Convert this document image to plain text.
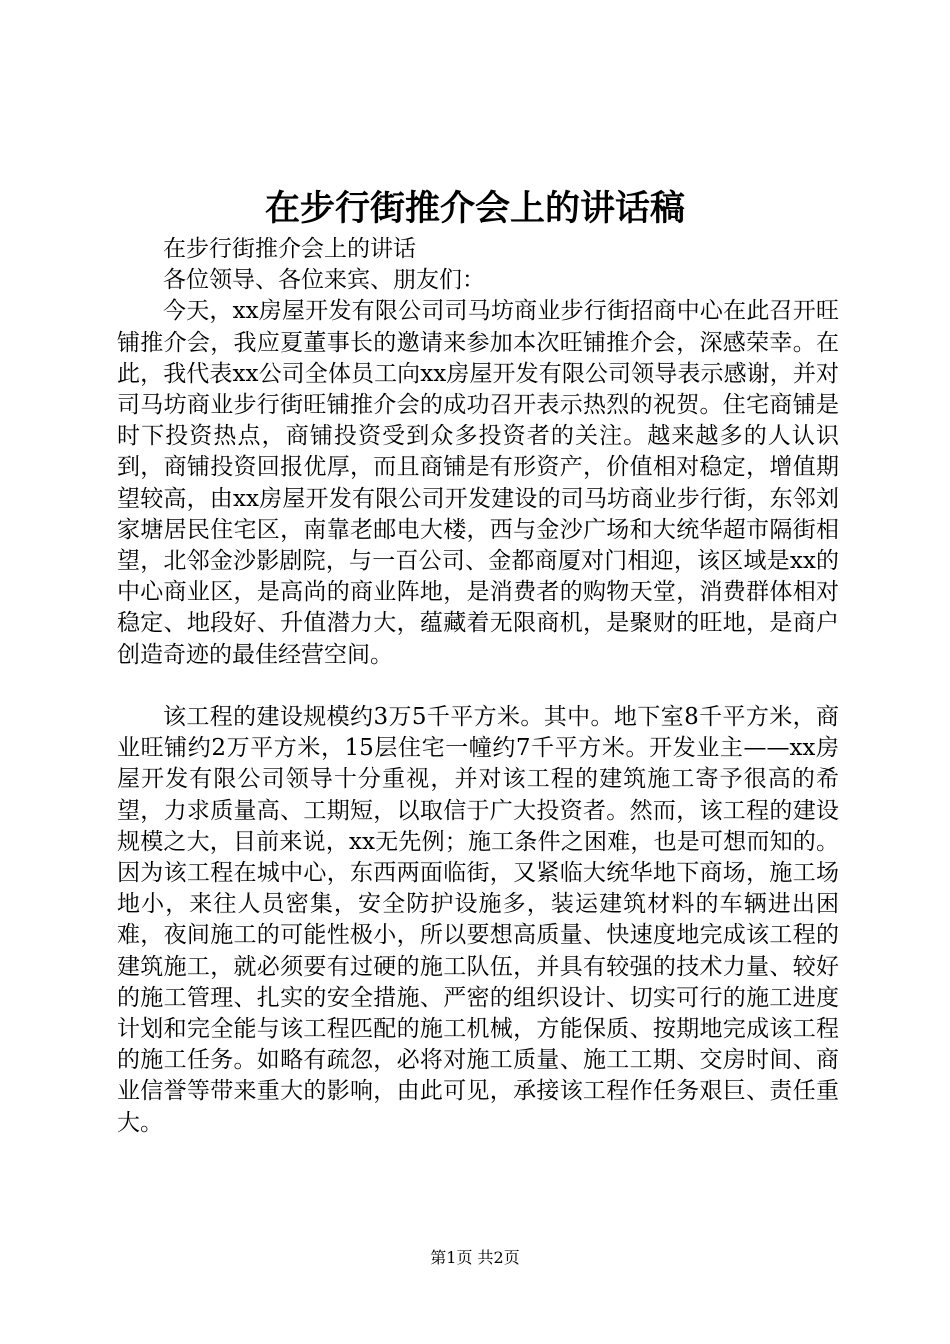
在步行街推介会上的讲话稿

在步行街推介会上的讲话

各位领导、各位来宾、朋友们：

今天，xx房屋开发有限公司司马坊商业步行街招商中心在此召开旺铺推介会，我应夏董事长的邀请来参加本次旺铺推介会，深感荣幸。在此，我代表xx公司全体员工向xx房屋开发有限公司领导表示感谢，并对司马坊商业步行街旺铺推介会的成功召开表示热烈的祝贺。住宅商铺是时下投资热点，商铺投资受到众多投资者的关注。越来越多的人认识到，商铺投资回报优厚，而且商铺是有形资产，价值相对稳定，增值期望较高，由xx房屋开发有限公司开发建设的司马坊商业步行街，东邻刘家塘居民住宅区，南靠老邮电大楼，西与金沙广场和大统华超市隔街相望，北邻金沙影剧院，与一百公司、金都商厦对门相迎，该区域是xx的中心商业区，是高尚的商业阵地，是消费者的购物天堂，消费群体相对稳定、地段好、升值潜力大，蕴藏着无限商机，是聚财的旺地，是商户创造奇迹的最佳经营空间。

该工程的建设规模约3万5千平方米。其中。地下室8千平方米，商业旺铺约2万平方米，15层住宅一幢约7千平方米。开发业主——xx房屋开发有限公司领导十分重视，并对该工程的建筑施工寄予很高的希望，力求质量高、工期短，以取信于广大投资者。然而，该工程的建设规模之大，目前来说，xx无先例；施工条件之困难，也是可想而知的。因为该工程在城中心，东西两面临街，又紧临大统华地下商场，施工场地小，来往人员密集，安全防护设施多，装运建筑材料的车辆进出困难，夜间施工的可能性极小，所以要想高质量、快速度地完成该工程的建筑施工，就必须要有过硬的施工队伍，并具有较强的技术力量、较好的施工管理、扎实的安全措施、严密的组织设计、切实可行的施工进度计划和完全能与该工程匹配的施工机械，方能保质、按期地完成该工程的施工任务。如略有疏忽，必将对施工质量、施工工期、交房时间、商业信誉等带来重大的影响，由此可见，承接该工程作任务艰巨、责任重大。

第1页 共2页
